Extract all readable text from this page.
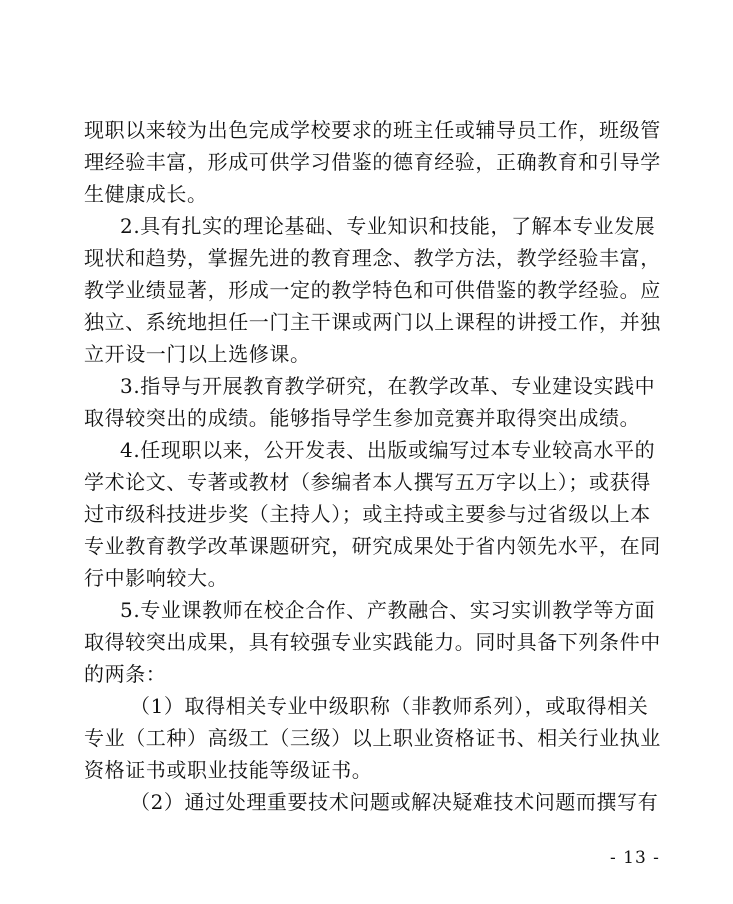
现职以来较为出色完成学校要求的班主任或辅导员工作，班级管
理经验丰富，形成可供学习借鉴的德育经验，正确教育和引导学
生健康成长。
2.具有扎实的理论基础、专业知识和技能，了解本专业发展
现状和趋势，掌握先进的教育理念、教学方法，教学经验丰富，
教学业绩显著，形成一定的教学特色和可供借鉴的教学经验。应
独立、系统地担任一门主干课或两门以上课程的讲授工作，并独
立开设一门以上选修课。
3.指导与开展教育教学研究，在教学改革、专业建设实践中
取得较突出的成绩。能够指导学生参加竞赛并取得突出成绩。
4.任现职以来，公开发表、出版或编写过本专业较高水平的
学术论文、专著或教材（参编者本人撰写五万字以上）；或获得
过市级科技进步奖（主持人）；或主持或主要参与过省级以上本
专业教育教学改革课题研究，研究成果处于省内领先水平，在同
行中影响较大。
5.专业课教师在校企合作、产教融合、实习实训教学等方面
取得较突出成果，具有较强专业实践能力。同时具备下列条件中
的两条：
（1）取得相关专业中级职称（非教师系列），或取得相关
专业（工种）高级工（三级）以上职业资格证书、相关行业执业
资格证书或职业技能等级证书。
（2）通过处理重要技术问题或解决疑难技术问题而撰写有
- 13 -
